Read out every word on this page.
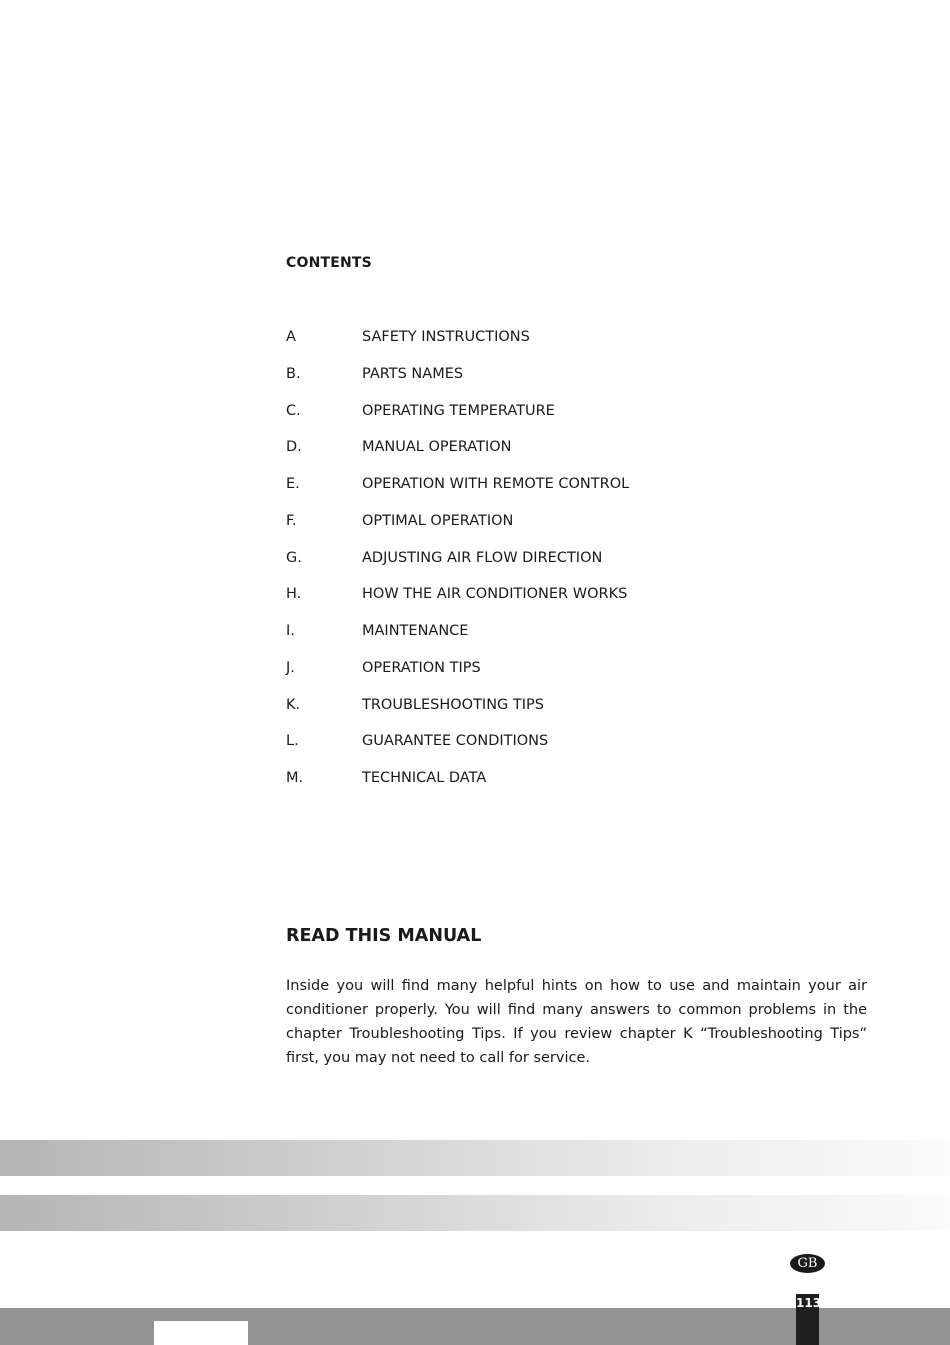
CONTENTS
A	SAFETY INSTRUCTIONS
B.	PARTS NAMES
C.	OPERATING TEMPERATURE
D.	MANUAL OPERATION
E.	OPERATION WITH REMOTE CONTROL
F.	OPTIMAL OPERATION
G.	ADJUSTING AIR FLOW DIRECTION
H.	HOW THE AIR CONDITIONER WORKS
I.	MAINTENANCE
J.	OPERATION TIPS
K.	TROUBLESHOOTING TIPS
L.	GUARANTEE CONDITIONS
M.	TECHNICAL DATA
READ THIS MANUAL
Inside you will find many helpful hints on how to use and maintain your air conditioner properly. You will find many answers to common problems in the chapter Troubleshooting Tips. If you review chapter K “Troubleshooting Tips” first, you may not need to call for service.
GB
113
